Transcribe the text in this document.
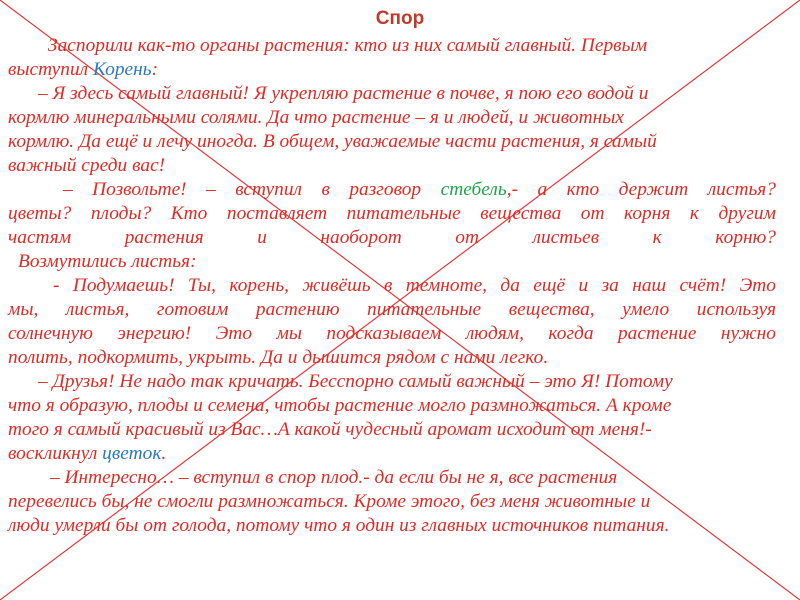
Спор
Заспорили как-то органы растения: кто из них самый главный. Первым
выступил Корень:
– Я здесь самый главный! Я укрепляю растение в почве, я пою его водой и
кормлю минеральными солями. Да что растение – я и людей, и животных
кормлю. Да ещё и лечу иногда. В общем, уважаемые части растения, я самый
важный среди вас!
– Позвольте! – вступил в разговор стебель,- а кто держит листья?
цветы? плоды? Кто поставляет питательные вещества от корня к другим
частям растения и наоборот от листьев к корню?
Возмутились листья:
- Подумаешь! Ты, корень, живёшь в темноте, да ещё и за наш счёт! Это
мы, листья, готовим растению питательные вещества, умело используя
солнечную энергию! Это мы подсказываем людям, когда растение нужно
полить, подкормить, укрыть. Да и дышится рядом с нами легко.
– Друзья! Не надо так кричать. Бесспорно самый важный – это Я! Потому
что я образую, плоды и семена, чтобы растение могло размножаться. А кроме
того я самый красивый из Вас…А какой чудесный аромат исходит от меня!-
воскликнул цветок.
– Интересно… – вступил в спор плод.- да если бы не я, все растения
перевелись бы, не смогли размножаться. Кроме этого, без меня животные и
люди умерли бы от голода, потому что я один из главных источников питания.
